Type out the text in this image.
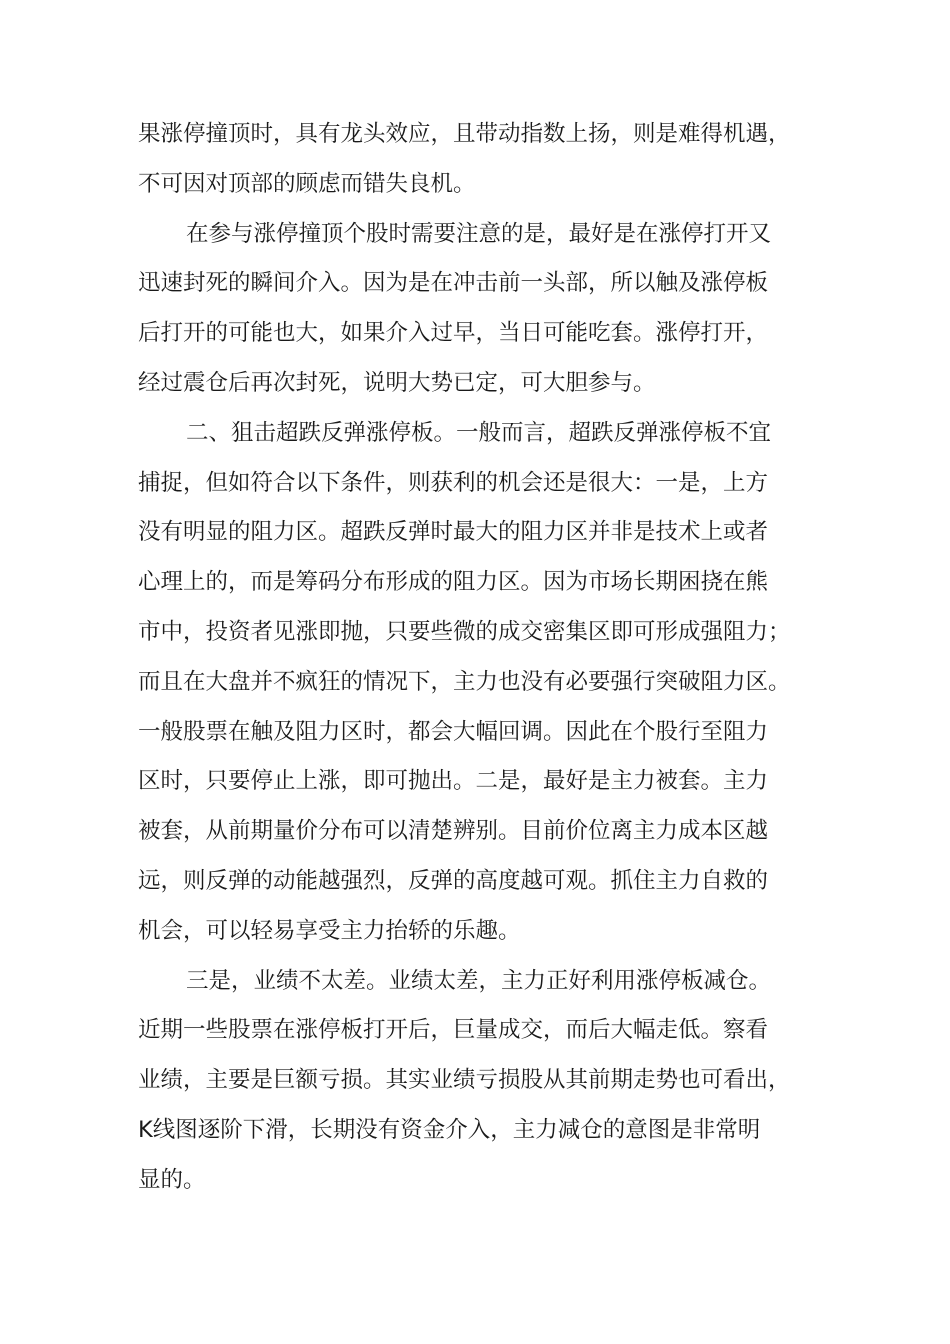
果涨停撞顶时，具有龙头效应，且带动指数上扬，则是难得机遇，
不可因对顶部的顾虑而错失良机。
在参与涨停撞顶个股时需要注意的是，最好是在涨停打开又
迅速封死的瞬间介入。因为是在冲击前一头部，所以触及涨停板
后打开的可能也大，如果介入过早，当日可能吃套。涨停打开，
经过震仓后再次封死，说明大势已定，可大胆参与。
二、狙击超跌反弹涨停板。一般而言，超跌反弹涨停板不宜
捕捉，但如符合以下条件，则获利的机会还是很大：一是，上方
没有明显的阻力区。超跌反弹时最大的阻力区并非是技术上或者
心理上的，而是筹码分布形成的阻力区。因为市场长期困挠在熊
市中，投资者见涨即抛，只要些微的成交密集区即可形成强阻力；
而且在大盘并不疯狂的情况下，主力也没有必要强行突破阻力区。
一般股票在触及阻力区时，都会大幅回调。因此在个股行至阻力
区时，只要停止上涨，即可抛出。二是，最好是主力被套。主力
被套，从前期量价分布可以清楚辨别。目前价位离主力成本区越
远，则反弹的动能越强烈，反弹的高度越可观。抓住主力自救的
机会，可以轻易享受主力抬轿的乐趣。
三是，业绩不太差。业绩太差，主力正好利用涨停板减仓。
近期一些股票在涨停板打开后，巨量成交，而后大幅走低。察看
业绩，主要是巨额亏损。其实业绩亏损股从其前期走势也可看出，
K线图逐阶下滑，长期没有资金介入，主力减仓的意图是非常明
显的。
